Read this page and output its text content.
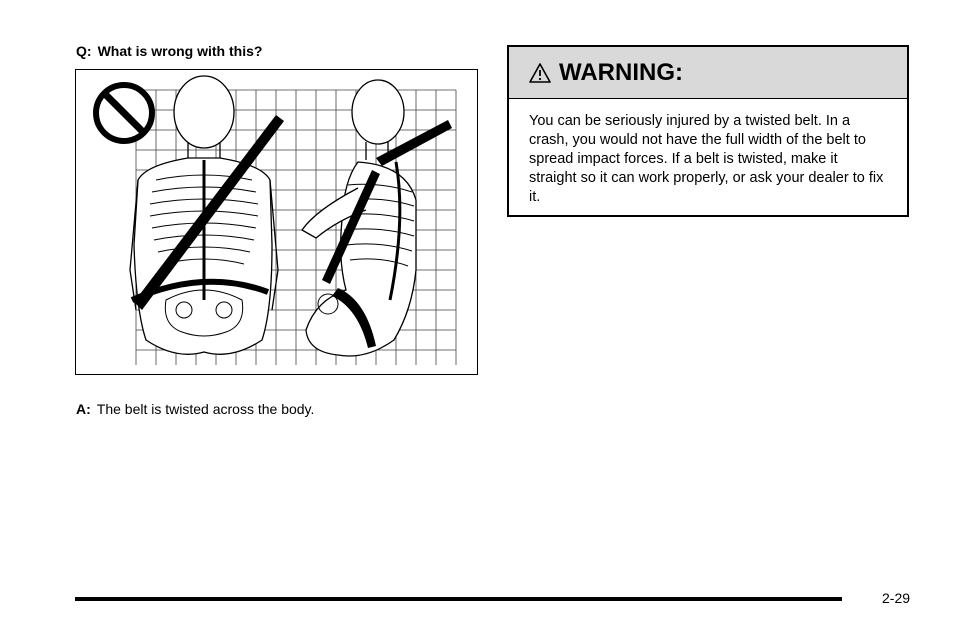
Q: What is wrong with this?
A: The belt is twisted across the body.
WARNING:
You can be seriously injured by a twisted belt. In a crash, you would not have the full width of the belt to spread impact forces. If a belt is twisted, make it straight so it can work properly, or ask your dealer to fix it.
2-29
